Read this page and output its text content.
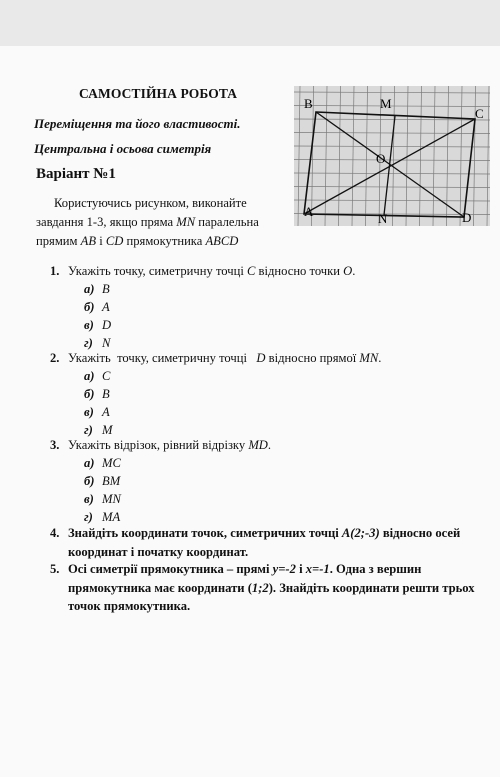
САМОСТІЙНА РОБОТА
Переміщення та його властивості.
Центральна і осьова симетрія
Варіант №1
Користуючись рисунком, виконайте
завдання 1-3, якщо пряма MN паралельна
прямим AB і CD прямокутника ABCD
B	M
C
O
A	N	D
1. Укажіть точку, симетричну точці C відносно точки O.
а) B
б) A
в) D
г) N
2. Укажіть  точку, симетричну точці   D відносно прямої MN.
а) C
б) B
в) A
г) M
3. Укажіть відрізок, рівний відрізку MD.
а) MC
б) BM
в) MN
г) MA
4. Знайдіть координати точок, симетричних точці A(2;-3) відносно осей
координат і початку координат.
5. Осі симетрії прямокутника – прямі y=-2 і x=-1. Одна з вершин
прямокутника має координати (1;2). Знайдіть координати решти трьох
точок прямокутника.
